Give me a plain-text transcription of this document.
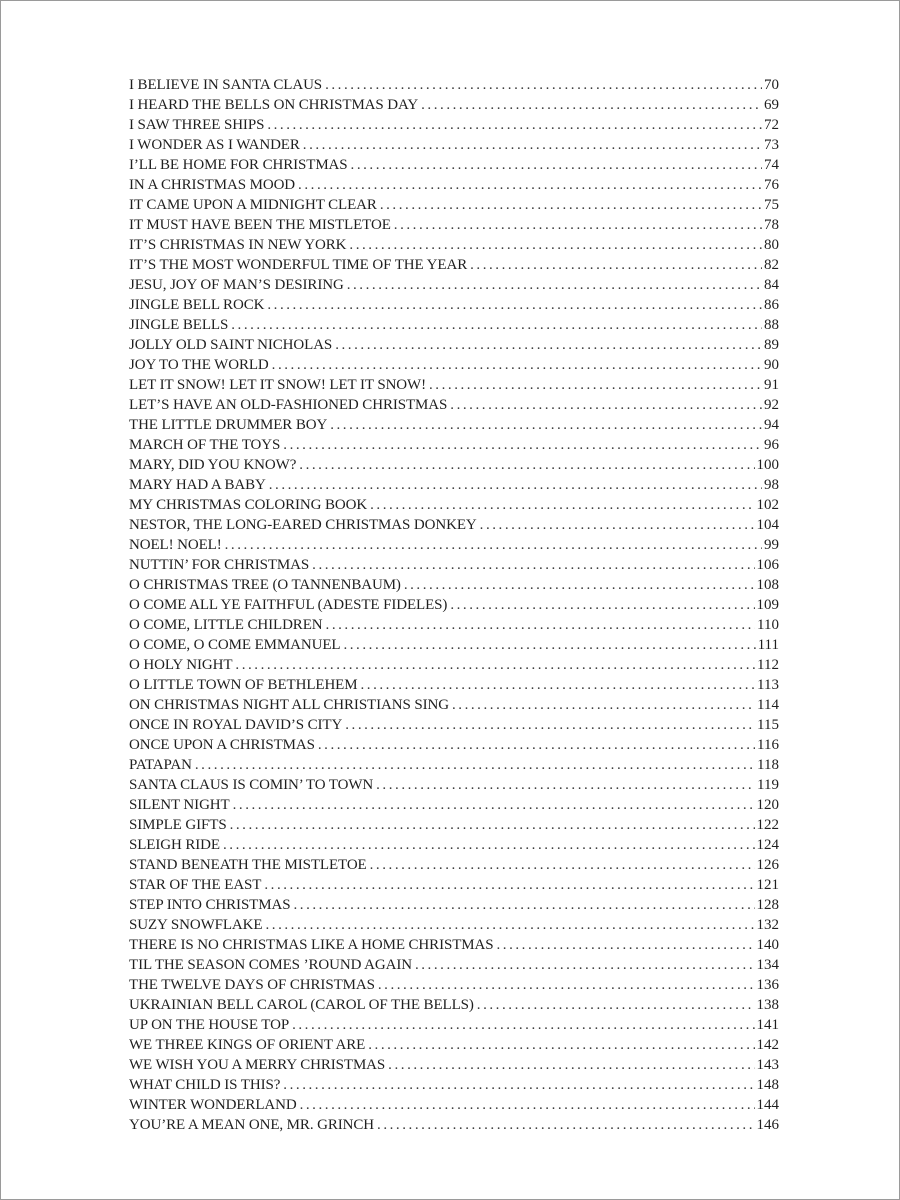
I BELIEVE IN SANTA CLAUS . . .	70
I HEARD THE BELLS ON CHRISTMAS DAY . . .	69
I SAW THREE SHIPS . . .	72
I WONDER AS I WANDER . . .	73
I’LL BE HOME FOR CHRISTMAS . . .	74
IN A CHRISTMAS MOOD . . .	76
IT CAME UPON A MIDNIGHT CLEAR . . .	75
IT MUST HAVE BEEN THE MISTLETOE . . .	78
IT’S CHRISTMAS IN NEW YORK . . .	80
IT’S THE MOST WONDERFUL TIME OF THE YEAR . . .	82
JESU, JOY OF MAN’S DESIRING . . .	84
JINGLE BELL ROCK . . .	86
JINGLE BELLS . . .	88
JOLLY OLD SAINT NICHOLAS . . .	89
JOY TO THE WORLD . . .	90
LET IT SNOW! LET IT SNOW! LET IT SNOW! . . .	91
LET’S HAVE AN OLD-FASHIONED CHRISTMAS . . .	92
THE LITTLE DRUMMER BOY . . .	94
MARCH OF THE TOYS . . .	96
MARY, DID YOU KNOW? . . .	100
MARY HAD A BABY . . .	98
MY CHRISTMAS COLORING BOOK . . .	102
NESTOR, THE LONG-EARED CHRISTMAS DONKEY . . .	104
NOEL! NOEL! . . .	99
NUTTIN’ FOR CHRISTMAS . . .	106
O CHRISTMAS TREE (O TANNENBAUM) . . .	108
O COME ALL YE FAITHFUL (ADESTE FIDELES) . . .	109
O COME, LITTLE CHILDREN . . .	110
O COME, O COME EMMANUEL . . .	111
O HOLY NIGHT . . .	112
O LITTLE TOWN OF BETHLEHEM . . .	113
ON CHRISTMAS NIGHT ALL CHRISTIANS SING . . .	114
ONCE IN ROYAL DAVID’S CITY . . .	115
ONCE UPON A CHRISTMAS . . .	116
PATAPAN . . .	118
SANTA CLAUS IS COMIN’ TO TOWN . . .	119
SILENT NIGHT . . .	120
SIMPLE GIFTS . . .	122
SLEIGH RIDE . . .	124
STAND BENEATH THE MISTLETOE . . .	126
STAR OF THE EAST . . .	121
STEP INTO CHRISTMAS . . .	128
SUZY SNOWFLAKE . . .	132
THERE IS NO CHRISTMAS LIKE A HOME CHRISTMAS . . .	140
TIL THE SEASON COMES ’ROUND AGAIN . . .	134
THE TWELVE DAYS OF CHRISTMAS . . .	136
UKRAINIAN BELL CAROL (CAROL OF THE BELLS) . . .	138
UP ON THE HOUSE TOP . . .	141
WE THREE KINGS OF ORIENT ARE . . .	142
WE WISH YOU A MERRY CHRISTMAS . . .	143
WHAT CHILD IS THIS? . . .	148
WINTER WONDERLAND . . .	144
YOU’RE A MEAN ONE, MR. GRINCH . . .	146
